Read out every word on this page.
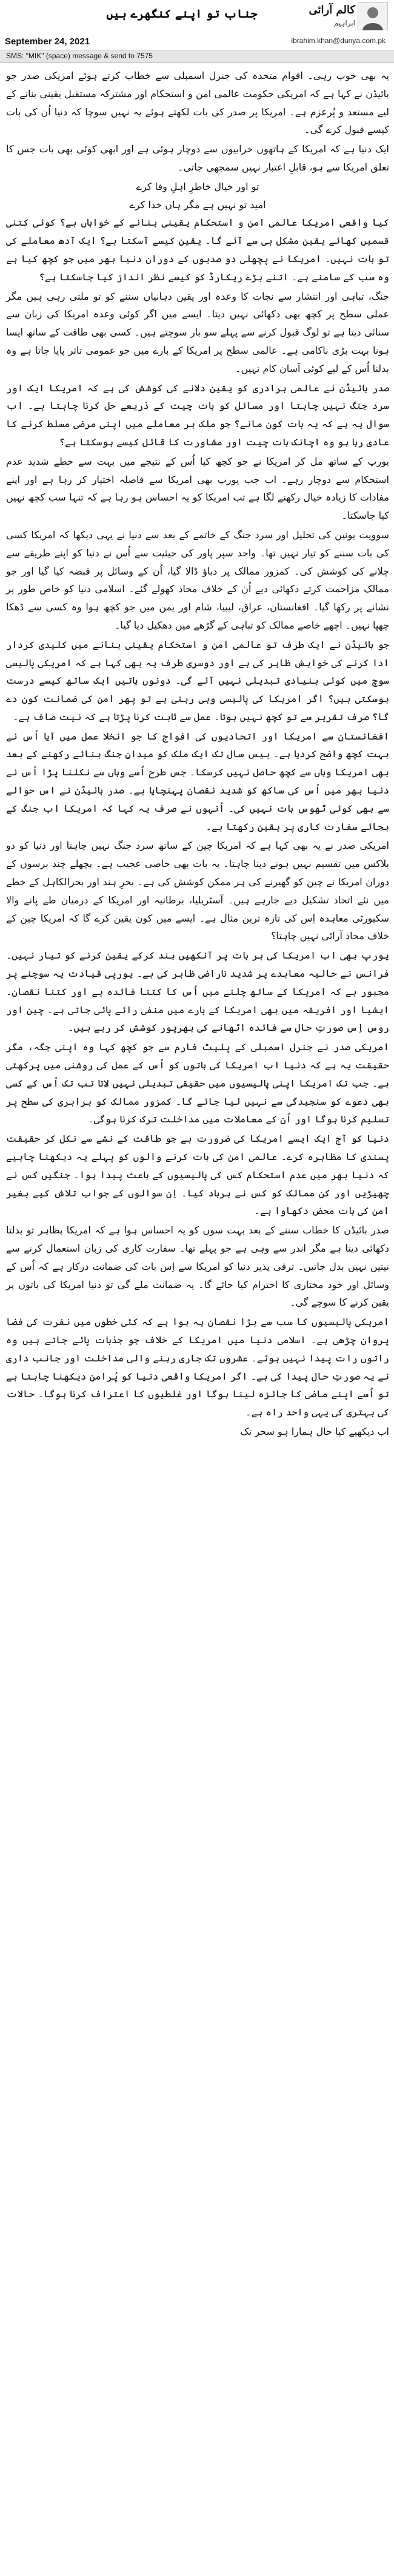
جناب تو اپنے کنگھرے ہیں	کالم آرائی
ابراہیم
September 24, 2021	ibrahim.khan@dunya.com.pk
SMS: "MIK" (space) message & send to 7575

یہ بھی خوب رہی۔ اقوام متحدہ کی جنرل اسمبلی سے خطاب کرتے ہوئے امریکی صدر جو بائیڈن نے کہا ہے کہ امریکی حکومت عالمی امن و استحکام اور مشترکہ مستقبل یقینی بنانے کے لیے مستعد و پُرعزم ہے۔ امریکا پر صدر کی بات لکھتے ہوئے یہ نہیں سوچا کہ دنیا اُن کی بات کیسے قبول کرے گی۔

ایک دنیا ہے کہ امریکا کے ہاتھوں خرابیوں سے دوچار ہوئی ہے اور ابھی کوئی بھی بات جس کا تعلق امریکا سے ہو، قابلِ اعتبار نہیں سمجھی جاتی۔

تو اور خیال خاطرِ اہلِ وفا کرے

امید تو نہیں ہے مگر ہاں خدا کرے

کیا واقعی امریکا عالمی امن و استحکام یقینی بنانے کے خواہاں ہے؟ کوئی کتنی قسمیں کھائے یقین مشکل ہی سے آئے گا۔ یقین کیسے آسکتا ہے؟ ایک آدھ معاملے کی تو بات نہیں۔ امریکا نے پچھلی دو صدیوں کے دوران دنیا بھر میں جو کچھ کیا ہے وہ سب کے سامنے ہے۔ اتنے بڑے ریکارڈ کو کیسے نظر انداز کیا جاسکتا ہے؟

جنگ، تباہی اور انتشار سے نجات کا وعدہ اور یقین دہانیاں سننے کو تو ملتی رہی ہیں مگر عملی سطح پر کچھ بھی دکھائی نہیں دیتا۔ ایسے میں اگر کوئی وعدہ امریکا کی زبان سے سنائی دیتا ہے تو لوگ قبول کرنے سے پہلے سو بار سوچتے ہیں۔ کسی بھی طاقت کے ساتھ ایسا ہونا بہت بڑی ناکامی ہے۔ عالمی سطح پر امریکا کے بارے میں جو عمومی تاثر پایا جاتا ہے وہ بدلنا اُس کے لیے کوئی آسان کام نہیں۔

صدر بائیڈن نے عالمی برادری کو یقین دلانے کی کوشش کی ہے کہ امریکا ایک اور سرد جنگ نہیں چاہتا اور مسائل کو بات چیت کے ذریعے حل کرنا چاہتا ہے۔ اب سوال یہ ہے کہ یہ بات کون مانے؟ جو ملک ہر معاملے میں اپنی مرضی مسلط کرنے کا عادی رہا ہو وہ اچانک بات چیت اور مشاورت کا قائل کیسے ہوسکتا ہے؟

یورپ کے ساتھ مل کر امریکا نے جو کچھ کیا اُس کے نتیجے میں بہت سے خطے شدید عدم استحکام سے دوچار رہے۔ اب جب یورپ بھی امریکا سے فاصلہ اختیار کر رہا ہے اور اپنے مفادات کا زیادہ خیال رکھنے لگا ہے تب امریکا کو یہ احساس ہو رہا ہے کہ تنہا سب کچھ نہیں کیا جاسکتا۔

سوویت یونین کی تحلیل اور سرد جنگ کے خاتمے کے بعد سے دنیا نے یہی دیکھا کہ امریکا کسی کی بات سننے کو تیار نہیں تھا۔ واحد سپر پاور کی حیثیت سے اُس نے دنیا کو اپنے طریقے سے چلانے کی کوشش کی۔ کمزور ممالک پر دباؤ ڈالا گیا، اُن کے وسائل پر قبضہ کیا گیا اور جو ممالک مزاحمت کرتے دکھائی دیے اُن کے خلاف محاذ کھولے گئے۔ اسلامی دنیا کو خاص طور پر نشانے پر رکھا گیا۔ افغانستان، عراق، لیبیا، شام اور یمن میں جو کچھ ہوا وہ کسی سے ڈھکا چھپا نہیں۔ اچھے خاصے ممالک کو تباہی کے گڑھے میں دھکیل دیا گیا۔

جو بائیڈن نے ایک طرف تو عالمی امن و استحکام یقینی بنانے میں کلیدی کردار ادا کرنے کی خواہش ظاہر کی ہے اور دوسری طرف یہ بھی کہا ہے کہ امریکی پالیسی سوچ میں کوئی بنیادی تبدیلی نہیں آئے گی۔ دونوں باتیں ایک ساتھ کیسے درست ہوسکتی ہیں؟ اگر امریکا کی پالیسی وہی رہنی ہے تو پھر امن کی ضمانت کون دے گا؟ صرف تقریر سے تو کچھ نہیں ہوتا۔ عمل سے ثابت کرنا پڑتا ہے کہ نیت صاف ہے۔

افغانستان سے امریکا اور اتحادیوں کی افواج کا جو انخلا عمل میں آیا اُس نے بہت کچھ واضح کردیا ہے۔ بیس سال تک ایک ملک کو میدانِ جنگ بنائے رکھنے کے بعد بھی امریکا وہاں سے کچھ حاصل نہیں کرسکا۔ جس طرح اُسے وہاں سے نکلنا پڑا اُس نے دنیا بھر میں اُس کی ساکھ کو شدید نقصان پہنچایا ہے۔ صدر بائیڈن نے اس حوالے سے بھی کوئی ٹھوس بات نہیں کی۔ اُنہوں نے صرف یہ کہا کہ امریکا اب جنگ کے بجائے سفارت کاری پر یقین رکھتا ہے۔

امریکی صدر نے یہ بھی کہا ہے کہ امریکا چین کے ساتھ سرد جنگ نہیں چاہتا اور دنیا کو دو بلاکس میں تقسیم نہیں ہونے دینا چاہتا۔ یہ بات بھی خاصی عجیب ہے۔ پچھلے چند برسوں کے دوران امریکا نے چین کو گھیرنے کی ہر ممکن کوشش کی ہے۔ بحرِ ہند اور بحرالکاہل کے خطے میں نئے اتحاد تشکیل دیے جارہے ہیں۔ آسٹریلیا، برطانیہ اور امریکا کے درمیان طے پانے والا سکیورٹی معاہدہ اِس کی تازہ ترین مثال ہے۔ ایسے میں کون یقین کرے گا کہ امریکا چین کے خلاف محاذ آرائی نہیں چاہتا؟

یورپ بھی اب امریکا کی ہر بات پر آنکھیں بند کرکے یقین کرنے کو تیار نہیں۔ فرانس نے حالیہ معاہدے پر شدید ناراضی ظاہر کی ہے۔ یورپی قیادت یہ سوچنے پر مجبور ہے کہ امریکا کے ساتھ چلنے میں اُس کا کتنا فائدہ ہے اور کتنا نقصان۔ ایشیا اور افریقہ میں بھی امریکا کے بارے میں منفی رائے پائی جاتی ہے۔ چین اور روس اِس صورتِ حال سے فائدہ اٹھانے کی بھرپور کوشش کر رہے ہیں۔

امریکی صدر نے جنرل اسمبلی کے پلیٹ فارم سے جو کچھ کہا وہ اپنی جگہ، مگر حقیقت یہ ہے کہ دنیا اب امریکا کی باتوں کو اُس کے عمل کی روشنی میں پرکھتی ہے۔ جب تک امریکا اپنی پالیسیوں میں حقیقی تبدیلی نہیں لاتا تب تک اُس کے کسی بھی دعوے کو سنجیدگی سے نہیں لیا جائے گا۔ کمزور ممالک کو برابری کی سطح پر تسلیم کرنا ہوگا اور اُن کے معاملات میں مداخلت ترک کرنا ہوگی۔

دنیا کو آج ایک ایسے امریکا کی ضرورت ہے جو طاقت کے نشے سے نکل کر حقیقت پسندی کا مظاہرہ کرے۔ عالمی امن کی بات کرنے والوں کو پہلے یہ دیکھنا چاہیے کہ دنیا بھر میں عدم استحکام کس کی پالیسیوں کے باعث پیدا ہوا۔ جنگیں کس نے چھیڑیں اور کن ممالک کو کس نے برباد کیا۔ اِن سوالوں کے جواب تلاش کیے بغیر امن کی بات محض دکھاوا ہے۔

صدر بائیڈن کا خطاب سننے کے بعد بہت سوں کو یہ احساس ہوا ہے کہ امریکا بظاہر تو بدلتا دکھائی دیتا ہے مگر اندر سے وہی ہے جو پہلے تھا۔ سفارت کاری کی زبان استعمال کرنے سے نیتیں نہیں بدل جاتیں۔ ترقی پذیر دنیا کو امریکا سے اِس بات کی ضمانت درکار ہے کہ اُس کے وسائل اور خود مختاری کا احترام کیا جائے گا۔ یہ ضمانت ملے گی تو دنیا امریکا کی باتوں پر یقین کرنے کا سوچے گی۔

امریکی پالیسیوں کا سب سے بڑا نقصان یہ ہوا ہے کہ کئی خطوں میں نفرت کی فضا پروان چڑھی ہے۔ اسلامی دنیا میں امریکا کے خلاف جو جذبات پائے جاتے ہیں وہ راتوں رات پیدا نہیں ہوئے۔ عشروں تک جاری رہنے والی مداخلت اور جانب داری نے یہ صورتِ حال پیدا کی ہے۔ اگر امریکا واقعی دنیا کو پُرامن دیکھنا چاہتا ہے تو اُسے اپنے ماضی کا جائزہ لینا ہوگا اور غلطیوں کا اعتراف کرنا ہوگا۔ حالات کی بہتری کی یہی واحد راہ ہے۔

اب دیکھیے کیا حال ہمارا ہو سحر تک
